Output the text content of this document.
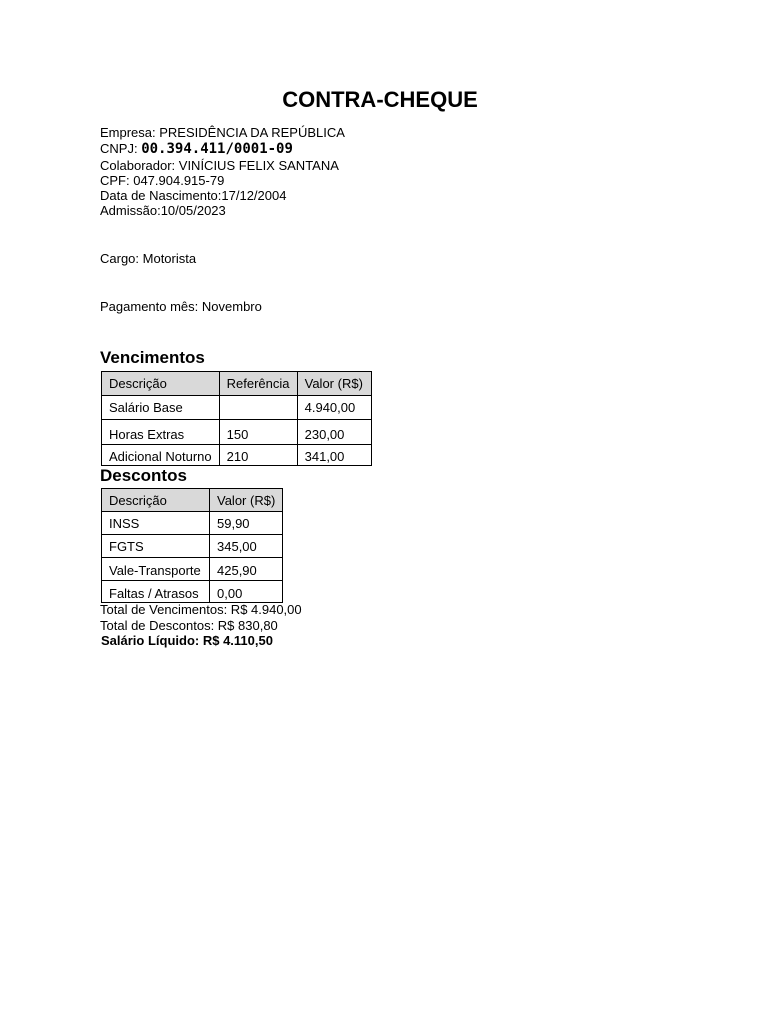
CONTRA-CHEQUE
Empresa: PRESIDÊNCIA DA REPÚBLICA
CNPJ: 00.394.411/0001-09
Colaborador: VINÍCIUS FELIX SANTANA
CPF: 047.904.915-79
Data de Nascimento:17/12/2004
Admissão:10/05/2023
Cargo: Motorista
Pagamento mês: Novembro
Vencimentos
Descrição	Referência	Valor (R$)
Salário Base		4.940,00
Horas Extras	150	230,00
Adicional Noturno	210	341,00
Descontos
Descrição	Valor (R$)
INSS	59,90
FGTS	345,00
Vale-Transporte	425,90
Faltas / Atrasos	0,00
Total de Vencimentos: R$ 4.940,00
Total de Descontos: R$ 830,80
Salário Líquido: R$ 4.110,50
